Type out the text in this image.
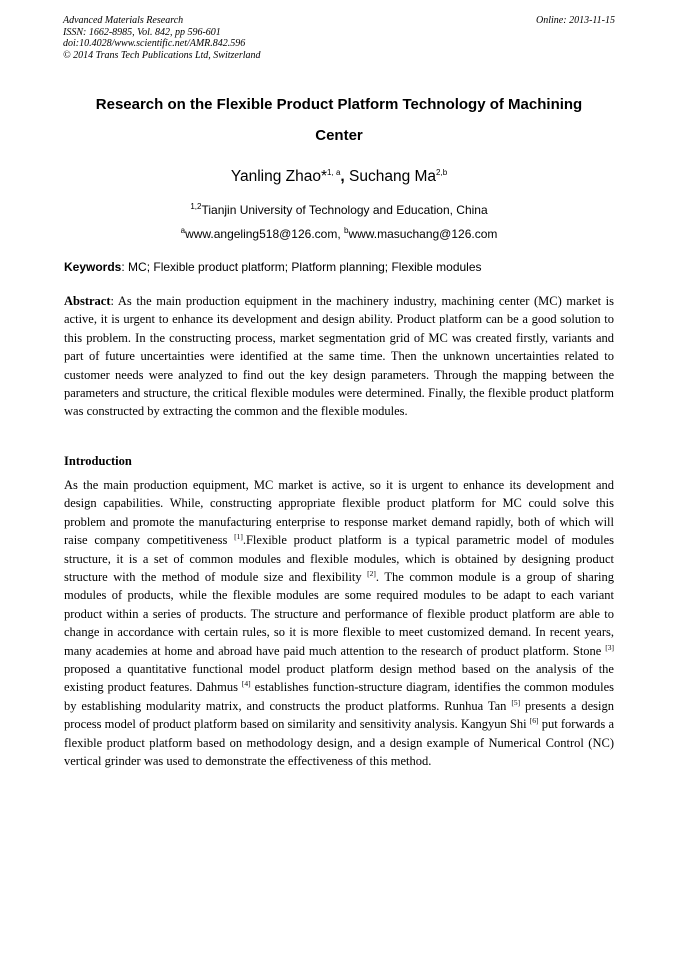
Advanced Materials Research
ISSN: 1662-8985, Vol. 842, pp 596-601
doi:10.4028/www.scientific.net/AMR.842.596
© 2014 Trans Tech Publications Ltd, Switzerland
Online: 2013-11-15
Research on the Flexible Product Platform Technology of Machining
Center
Yanling Zhao*$^{1, a}$, Suchang Ma$^{2,b}$
$^{1,2}$Tianjin University of Technology and Education, China
$^a$www.angeling518@126.com, $^b$www.masuchang@126.com
Keywords: MC; Flexible product platform; Platform planning; Flexible modules
Abstract: As the main production equipment in the machinery industry, machining center (MC) market is active, it is urgent to enhance its development and design ability. Product platform can be a good solution to this problem. In the constructing process, market segmentation grid of MC was created firstly, variants and part of future uncertainties were identified at the same time. Then the unknown uncertainties related to customer needs were analyzed to find out the key design parameters. Through the mapping between the parameters and structure, the critical flexible modules were determined. Finally, the flexible product platform was constructed by extracting the common and the flexible modules.
Introduction
As the main production equipment, MC market is active, so it is urgent to enhance its development and design capabilities. While, constructing appropriate flexible product platform for MC could solve this problem and promote the manufacturing enterprise to response market demand rapidly, both of which will raise company competitiveness [1].Flexible product platform is a typical parametric model of modules structure, it is a set of common modules and flexible modules, which is obtained by designing product structure with the method of module size and flexibility [2]. The common module is a group of sharing modules of products, while the flexible modules are some required modules to be adapt to each variant product within a series of products. The structure and performance of flexible product platform are able to change in accordance with certain rules, so it is more flexible to meet customized demand. In recent years, many academies at home and abroad have paid much attention to the research of product platform. Stone [3] proposed a quantitative functional model product platform design method based on the analysis of the existing product features. Dahmus [4] establishes function-structure diagram, identifies the common modules by establishing modularity matrix, and constructs the product platforms. Runhua Tan [5] presents a design process model of product platform based on similarity and sensitivity analysis. Kangyun Shi [6] put forwards a flexible product platform based on methodology design, and a design example of Numerical Control (NC) vertical grinder was used to demonstrate the effectiveness of this method.
